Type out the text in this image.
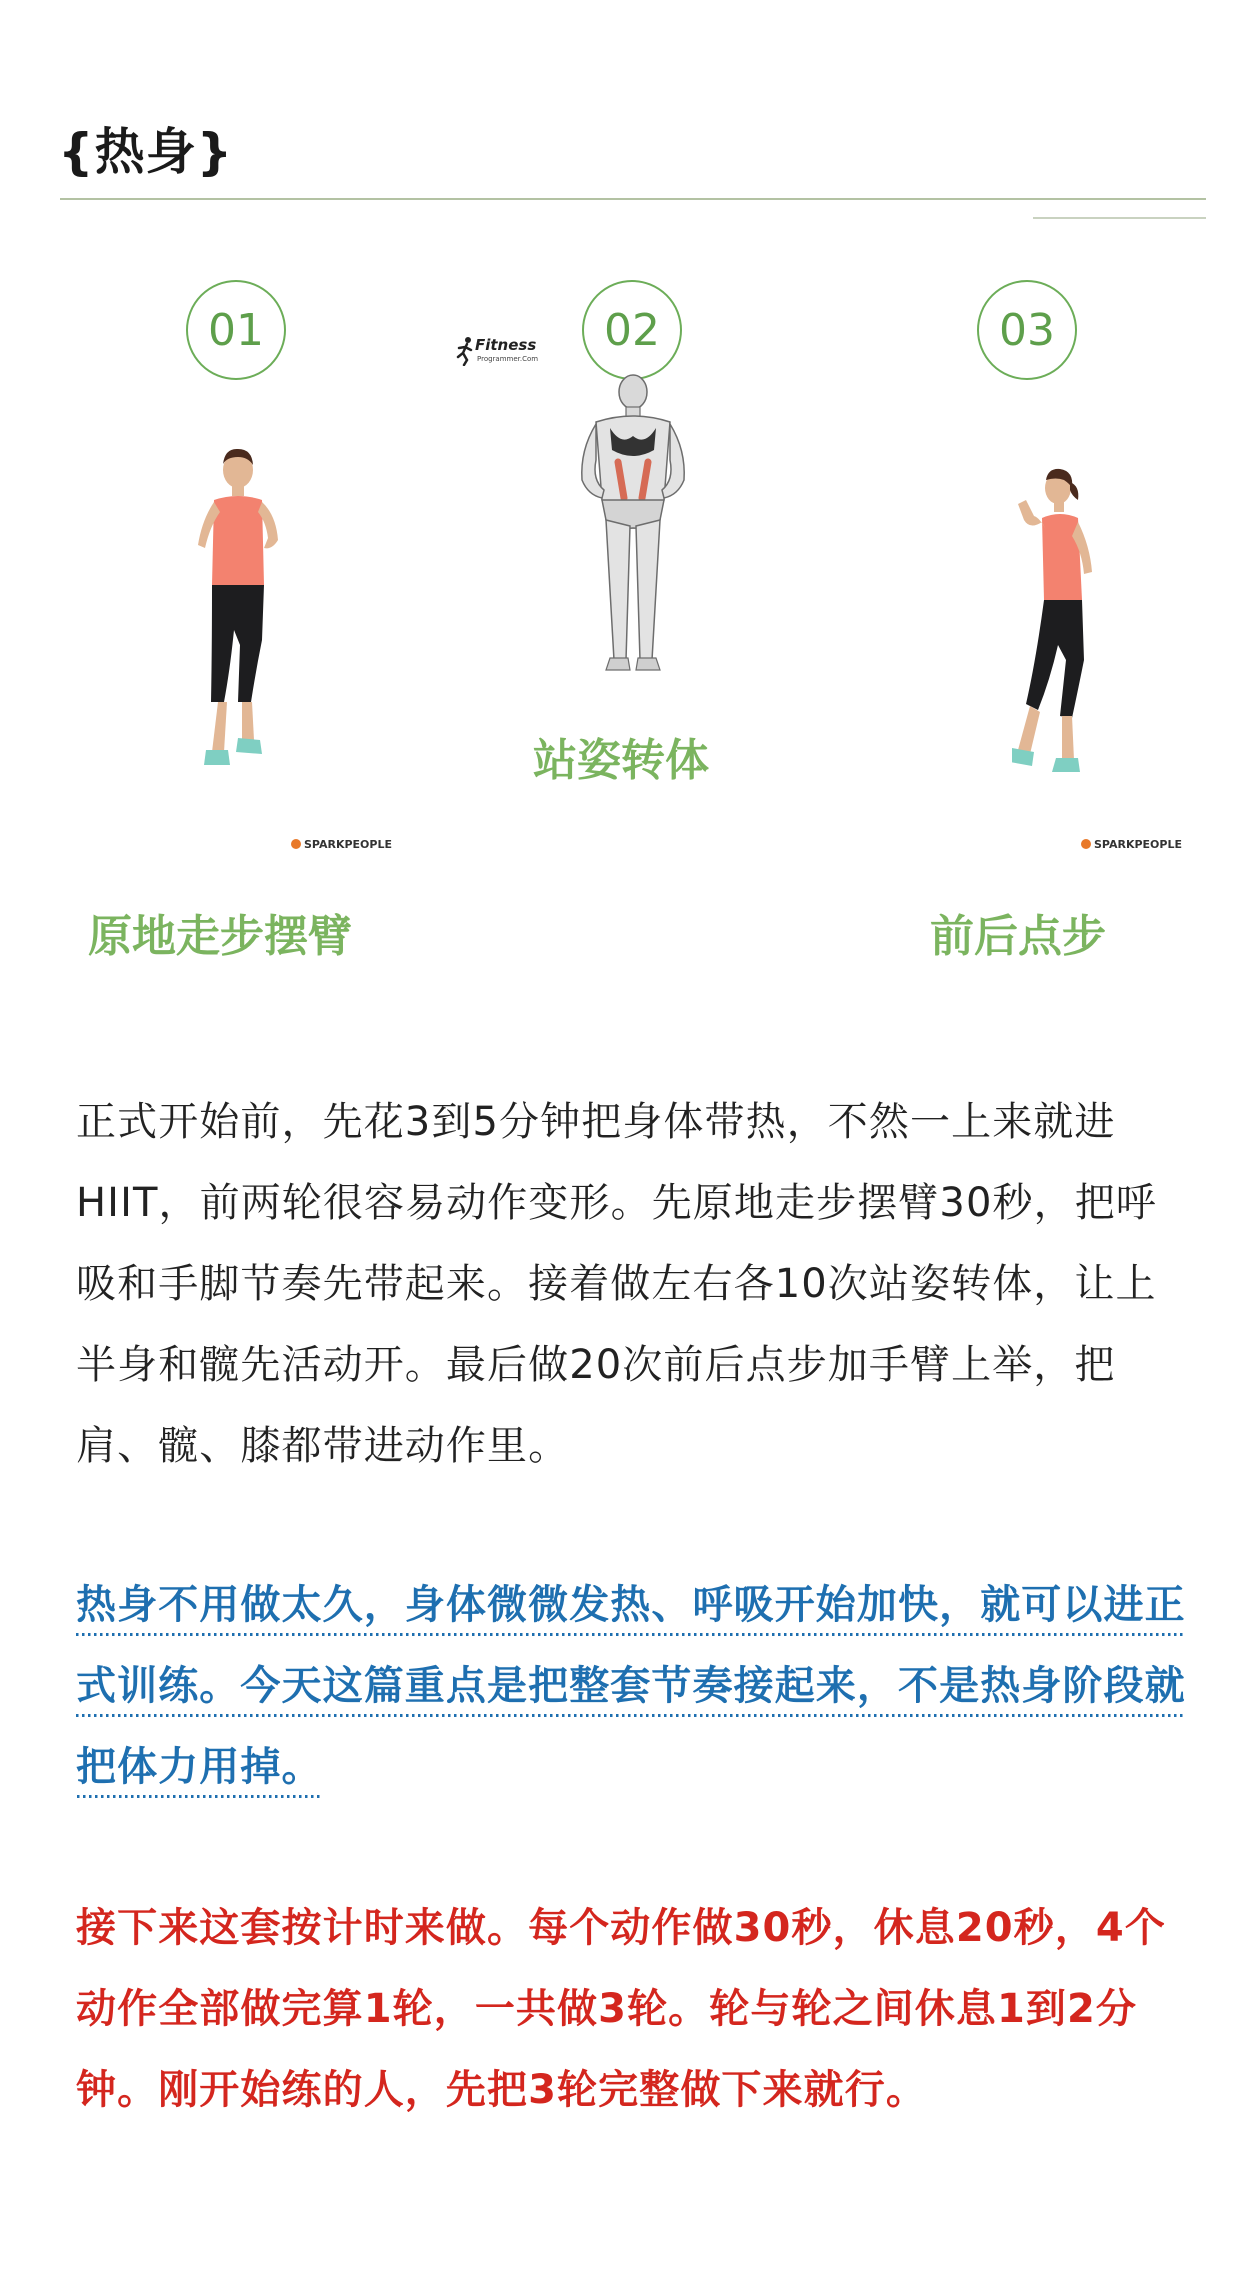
{热身}
01	02	03
Fitness
Programmer.Com
SPARKPEOPLE	SPARKPEOPLE
原地走步摆臂
站姿转体
前后点步

正式开始前，先花3到5分钟把身体带热，不然一上来就进 HIIT，前两轮很容易动作变形。先原地走步摆臂30秒，把呼吸和手脚节奏先带起来。接着做左右各10次站姿转体，让上半身和髋先活动开。最后做20次前后点步加手臂上举，把肩、髋、膝都带进动作里。

热身不用做太久，身体微微发热、呼吸开始加快，就可以进正式训练。今天这篇重点是把整套节奏接起来，不是热身阶段就把体力用掉。

接下来这套按计时来做。每个动作做30秒，休息20秒，4个动作全部做完算1轮，一共做3轮。轮与轮之间休息1到2分钟。刚开始练的人，先把3轮完整做下来就行。
